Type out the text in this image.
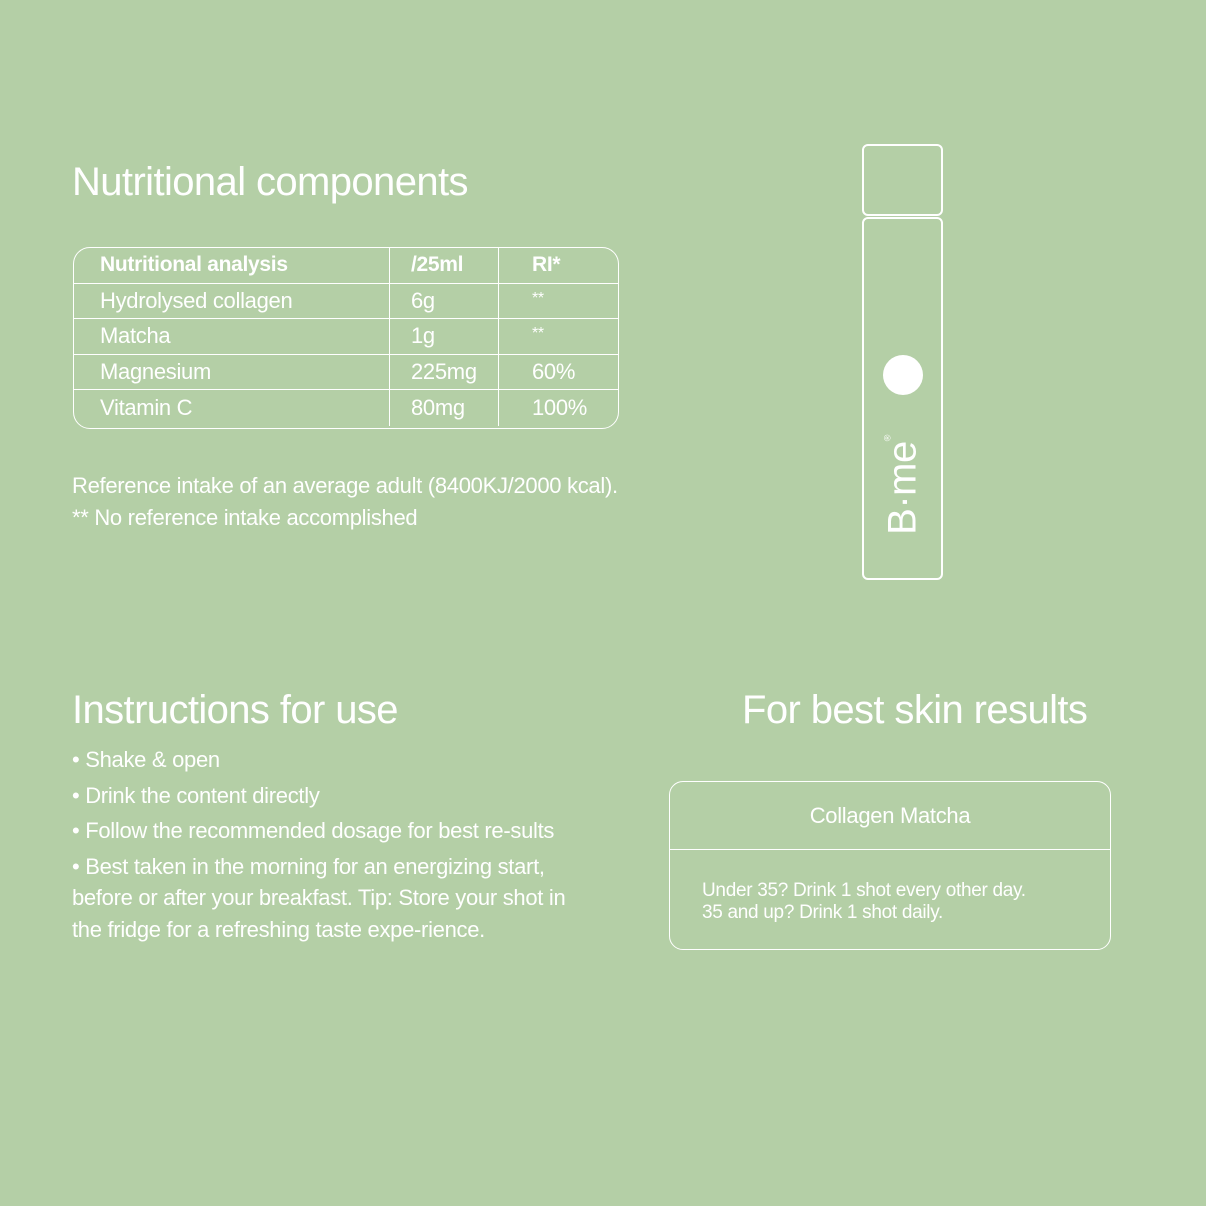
Nutritional components
Nutritional analysis	/25ml	RI*
Hydrolysed collagen	6g	**
Matcha	1g	**
Magnesium	225mg	60%
Vitamin C	80mg	100%
Reference intake of an average adult (8400KJ/2000 kcal).
** No reference intake accomplished	B·me®
Instructions for use
• Shake & open
• Drink the content directly
• Follow the recommended dosage for best re-sults
• Best taken in the morning for an energizing start, before or after your breakfast. Tip: Store your shot in the fridge for a refreshing taste expe-rience.
For best skin results
Collagen Matcha
Under 35? Drink 1 shot every other day.
35 and up? Drink 1 shot daily.
